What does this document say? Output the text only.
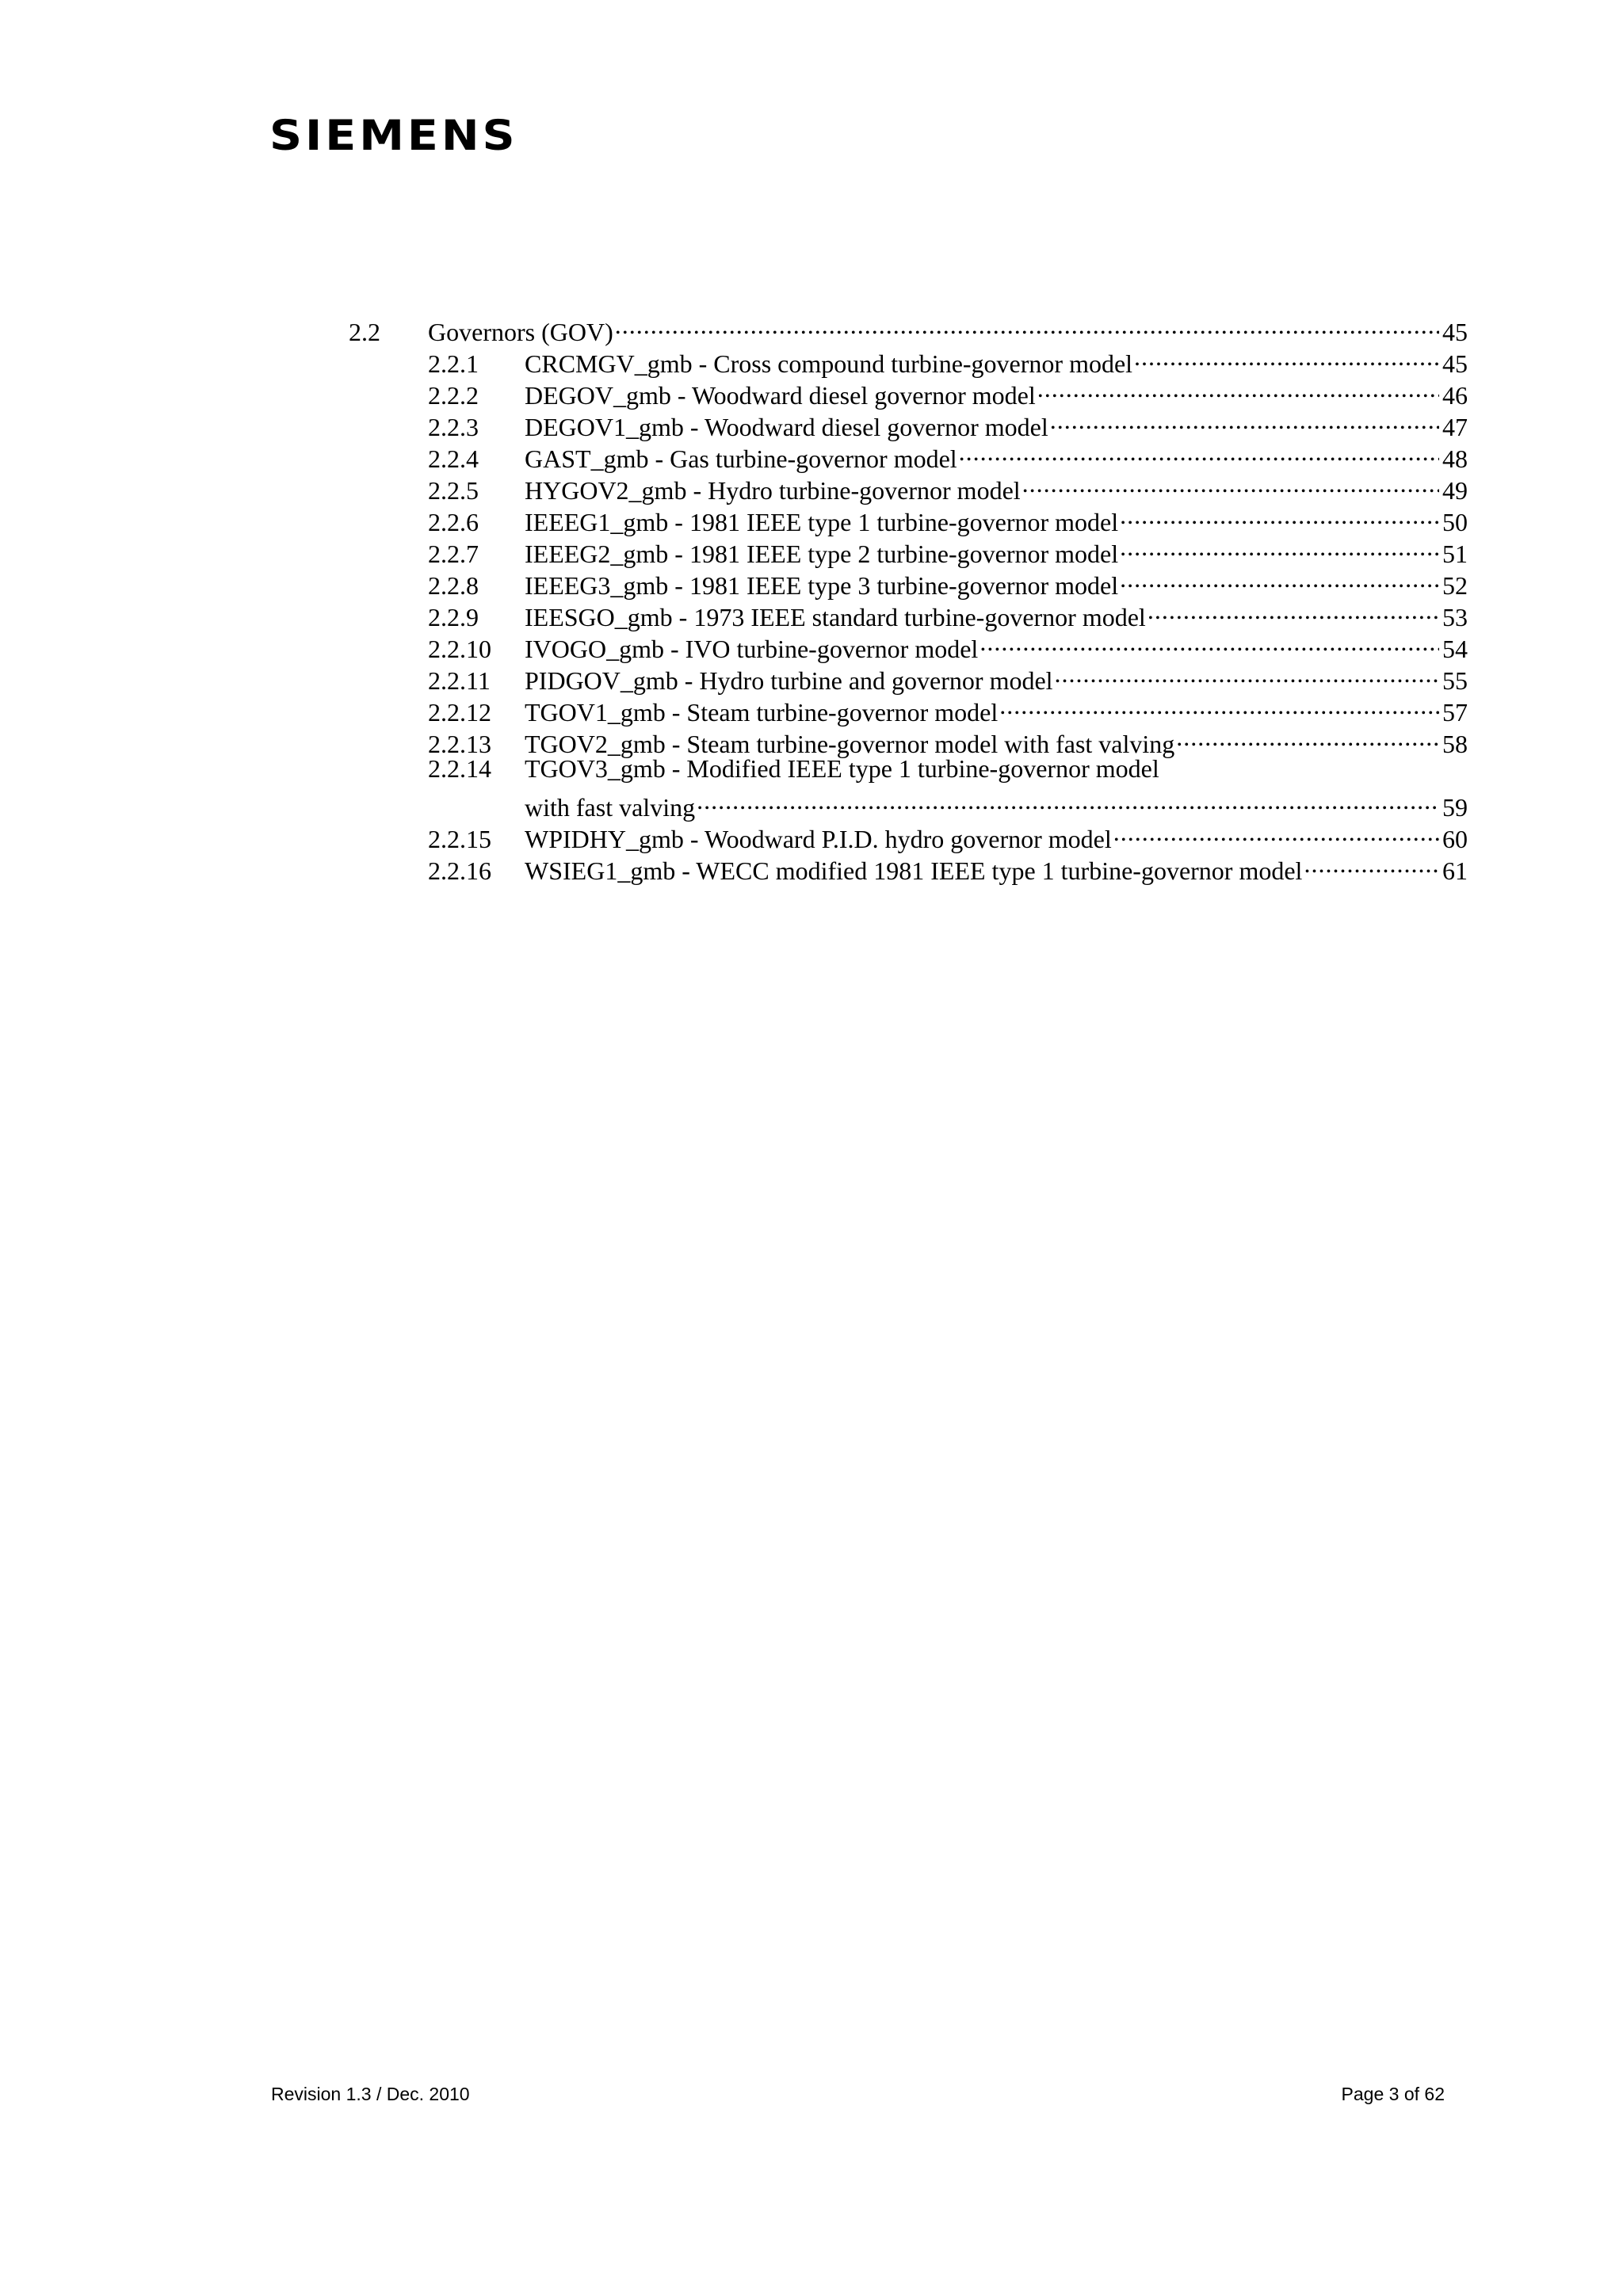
SIEMENS
2.2	Governors (GOV) .....	45
2.2.1	CRCMGV_gmb - Cross compound turbine-governor model .....	45
2.2.2	DEGOV_gmb - Woodward diesel governor model .....	46
2.2.3	DEGOV1_gmb - Woodward diesel governor model .....	47
2.2.4	GAST_gmb - Gas turbine-governor model .....	48
2.2.5	HYGOV2_gmb - Hydro turbine-governor model .....	49
2.2.6	IEEEG1_gmb - 1981 IEEE type 1 turbine-governor model .....	50
2.2.7	IEEEG2_gmb - 1981 IEEE type 2 turbine-governor model .....	51
2.2.8	IEEEG3_gmb - 1981 IEEE type 3 turbine-governor model .....	52
2.2.9	IEESGO_gmb - 1973 IEEE standard turbine-governor model .....	53
2.2.10	IVOGO_gmb - IVO turbine-governor model .....	54
2.2.11	PIDGOV_gmb - Hydro turbine and governor model .....	55
2.2.12	TGOV1_gmb - Steam turbine-governor model .....	57
2.2.13	TGOV2_gmb - Steam turbine-governor model with fast valving .....	58
2.2.14	TGOV3_gmb - Modified IEEE type 1 turbine-governor model
with fast valving .....	59
2.2.15	WPIDHY_gmb - Woodward P.I.D. hydro governor model .....	60
2.2.16	WSIEG1_gmb - WECC modified 1981 IEEE type 1 turbine-governor model .....	61
Revision 1.3 / Dec. 2010	Page 3 of 62
